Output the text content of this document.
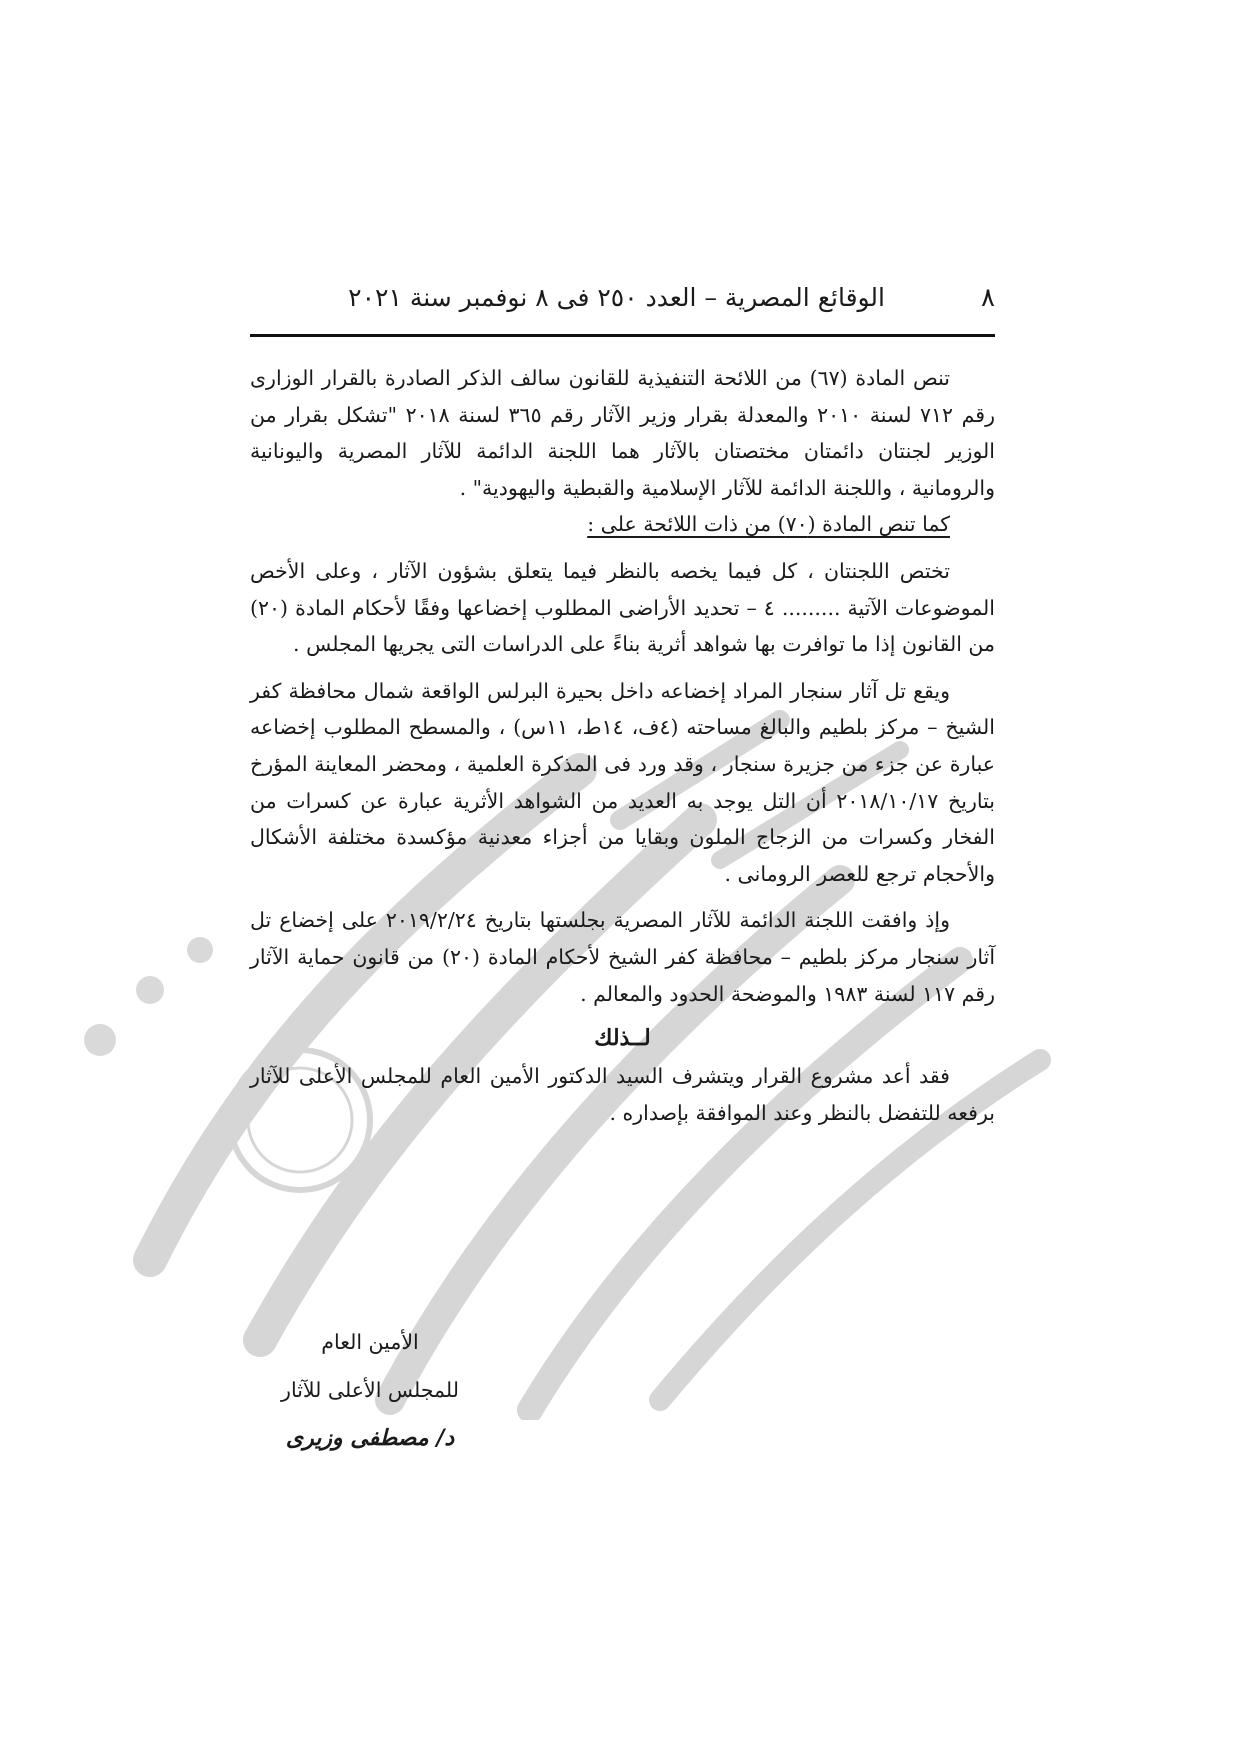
٨
الوقائع المصرية – العدد ٢٥٠ فى ٨ نوفمبر سنة ٢٠٢١

تنص المادة (٦٧) من اللائحة التنفيذية للقانون سالف الذكر الصادرة بالقرار الوزارى رقم ٧١٢ لسنة ٢٠١٠ والمعدلة بقرار وزير الآثار رقم ٣٦٥ لسنة ٢٠١٨ "تشكل بقرار من الوزير لجنتان دائمتان مختصتان بالآثار هما اللجنة الدائمة للآثار المصرية واليونانية والرومانية ، واللجنة الدائمة للآثار الإسلامية والقبطية واليهودية" .

كما تنص المادة (٧٠) من ذات اللائحة على :

تختص اللجنتان ، كل فيما يخصه بالنظر فيما يتعلق بشؤون الآثار ، وعلى الأخص الموضوعات الآتية ......... ٤ – تحديد الأراضى المطلوب إخضاعها وفقًا لأحكام المادة (٢٠) من القانون إذا ما توافرت بها شواهد أثرية بناءً على الدراسات التى يجريها المجلس .

ويقع تل آثار سنجار المراد إخضاعه داخل بحيرة البرلس الواقعة شمال محافظة كفر الشيخ – مركز بلطيم والبالغ مساحته (٤ف، ١٤ط، ١١س) ، والمسطح المطلوب إخضاعه عبارة عن جزء من جزيرة سنجار ، وقد ورد فى المذكرة العلمية ، ومحضر المعاينة المؤرخ بتاريخ ٢٠١٨/١٠/١٧ أن التل يوجد به العديد من الشواهد الأثرية عبارة عن كسرات من الفخار وكسرات من الزجاج الملون وبقايا من أجزاء معدنية مؤكسدة مختلفة الأشكال والأحجام ترجع للعصر الرومانى .

وإذ وافقت اللجنة الدائمة للآثار المصرية بجلستها بتاريخ ٢٠١٩/٢/٢٤ على إخضاع تل آثار سنجار مركز بلطيم – محافظة كفر الشيخ لأحكام المادة (٢٠) من قانون حماية الآثار رقم ١١٧ لسنة ١٩٨٣ والموضحة الحدود والمعالم .

لــذلك

فقد أعد مشروع القرار ويتشرف السيد الدكتور الأمين العام للمجلس الأعلى للآثار برفعه للتفضل بالنظر وعند الموافقة بإصداره .

الأمين العام
للمجلس الأعلى للآثار
د/ مصطفى وزيرى
